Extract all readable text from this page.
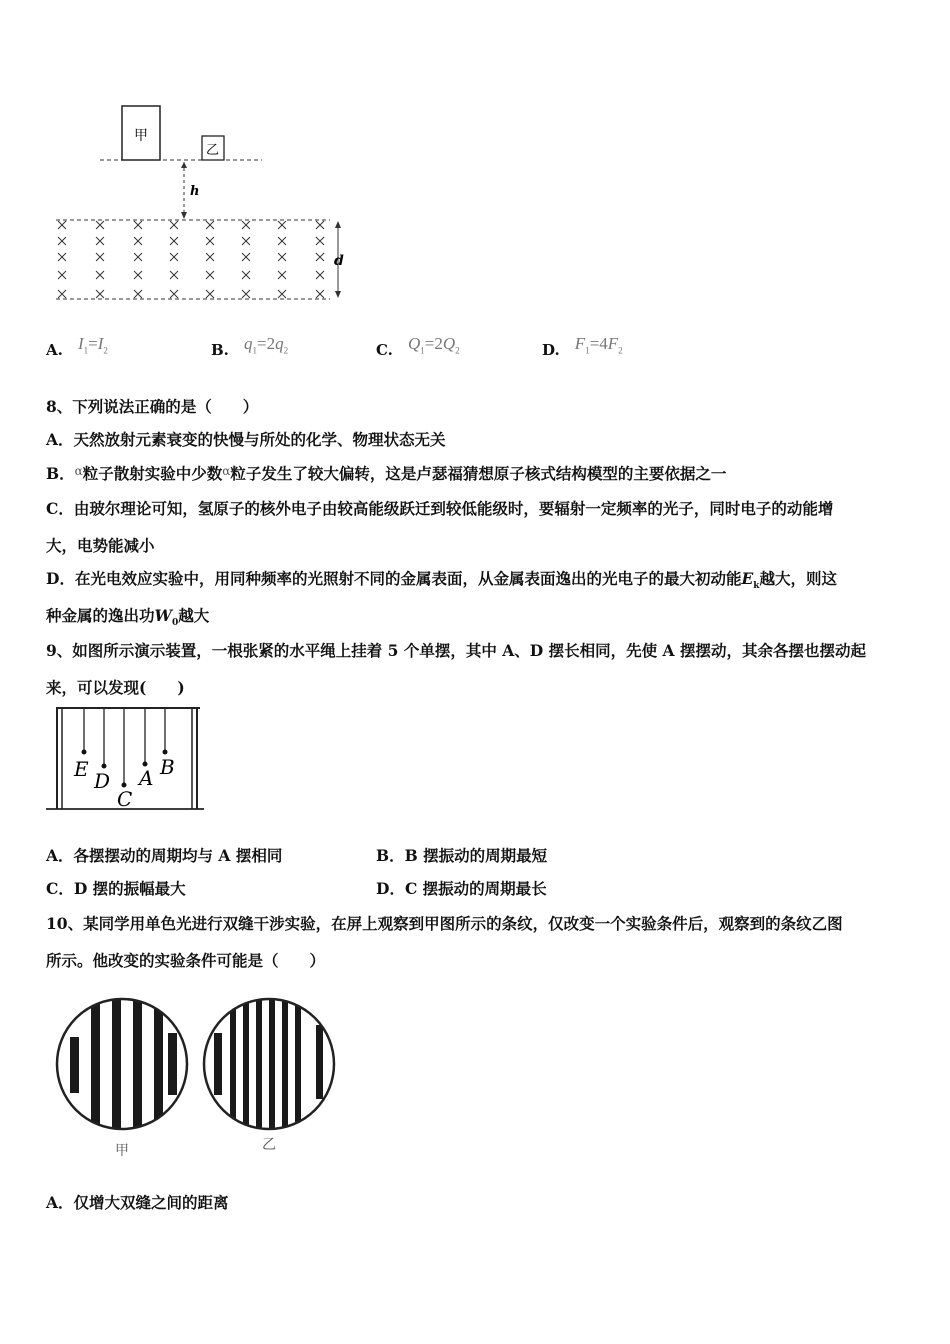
甲
乙
h
d
A. $I_1=I_2$	B. $q_1=2q_2$	C. $Q_1=2Q_2$	D. $F_1=4F_2$
8、下列说法正确的是（　　）
A．天然放射元素衰变的快慢与所处的化学、物理状态无关
B．$^\alpha$粒子散射实验中少数$^\alpha$粒子发生了较大偏转，这是卢瑟福猜想原子核式结构模型的主要依据之一
C．由玻尔理论可知，氢原子的核外电子由较高能级跃迁到较低能级时，要辐射一定频率的光子，同时电子的动能增
大，电势能减小
D．在光电效应实验中，用同种频率的光照射不同的金属表面，从金属表面逸出的光电子的最大初动能$E_k$越大，则这
种金属的逸出功$W_0$越大
9、如图所示演示装置，一根张紧的水平绳上挂着 5 个单摆，其中 A、D 摆长相同，先使 A 摆摆动，其余各摆也摆动起
来，可以发现(　　)
E D
C
A B
A．各摆摆动的周期均与 A 摆相同	B．B 摆振动的周期最短
C．D 摆的振幅最大	D．C 摆振动的周期最长
10、某同学用单色光进行双缝干涉实验，在屏上观察到甲图所示的条纹，仅改变一个实验条件后，观察到的条纹乙图
所示。他改变的实验条件可能是（　　）
甲	乙
A．仅增大双缝之间的距离
